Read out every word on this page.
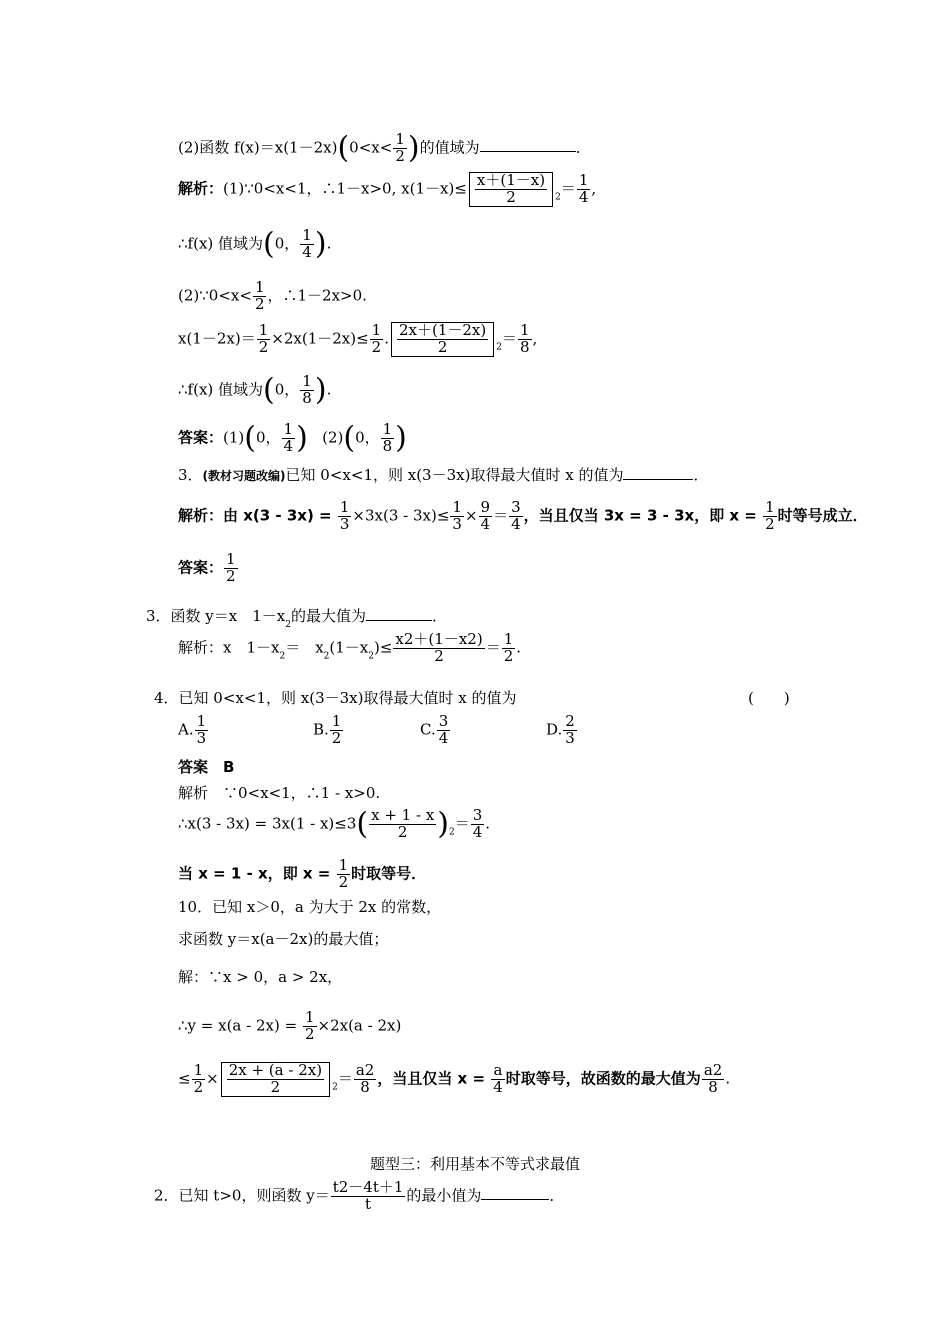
(2)函数 $f(x)=x(1-2x)(0<x< \frac{1}{2}$ )的值域为	．
解析：(1)∵0<x<1，∴1－x>0, $x(1-x)\le \frac{x+(1-x)}{2} _2= \frac{1}{4}$ ,
∴f(x) 值域为(0， $\frac{1}{4}$ ).
(2)∵0<x< $\frac{1}{2}$ ，∴1－2x>0.
$x(1-2x)= \frac{1}{2} \times 2x(1-2x)\le \frac{1}{2}$ . $\frac{2x+(1-2x)}{2} _2= \frac{1}{8}$ ,
∴f(x) 值域为(0， $\frac{1}{8}$ ).
答案：(1)(0， $\frac{1}{4}$ ) (2)(0， $\frac{1}{8}$ )
3．(教材习题改编)已知 0<x<1，则 x(3－3x)取得最大值时 x 的值为	．
解析：由 $x(3 - 3x) = \frac{1}{3} \times 3x(3 - 3x)\le \frac{1}{3} \times \frac{9}{4} = \frac{3}{4}$ ，当且仅当 3x = 3 - 3x，即 $x = \frac{1}{2}$ 时等号成立．
答案： $\frac{1}{2}$
3．函数 y＝x　$1-x_2$的最大值为	．
解析：x　$1-x_2=$　$x_2(1-x_2)\le \frac{x2+(1-x2)}{2} = \frac{1}{2}$ .
4．已知 0<x<1，则 x(3－3x)取得最大值时 x 的值为	(　　)
A. $\frac{1}{3}$	B. $\frac{1}{2}$	C. $\frac{3}{4}$	D. $\frac{2}{3}$
答案　B
解析　∵0<x<1，∴1 - x>0.
∴x(3 - $3x) = 3x(1 - x)\le 3( \frac{x + 1 - x}{2} )_2= \frac{3}{4}$ .
当 x = 1 - x，即 $x = \frac{1}{2}$ 时取等号．
10．已知 x＞0，a 为大于 2x 的常数，
求函数 y＝x(a－2x)的最大值；
解：∵x > 0，a > 2x，
∴y = $x(a - 2x) = \frac{1}{2} \times 2x(a - 2x)$
≤ $\frac{1}{2} \times \frac{2x + (a - 2x)}{2} _2= \frac{a2}{8}$ ，当且仅当 $x = \frac{a}{4}$ 时取等号，故函数的最大值为 $\frac{a2}{8}$ .
题型三：利用基本不等式求最值
2．已知 t>0，则函数 $y= \frac{t2-4t+1}{t}$ 的最小值为	．
